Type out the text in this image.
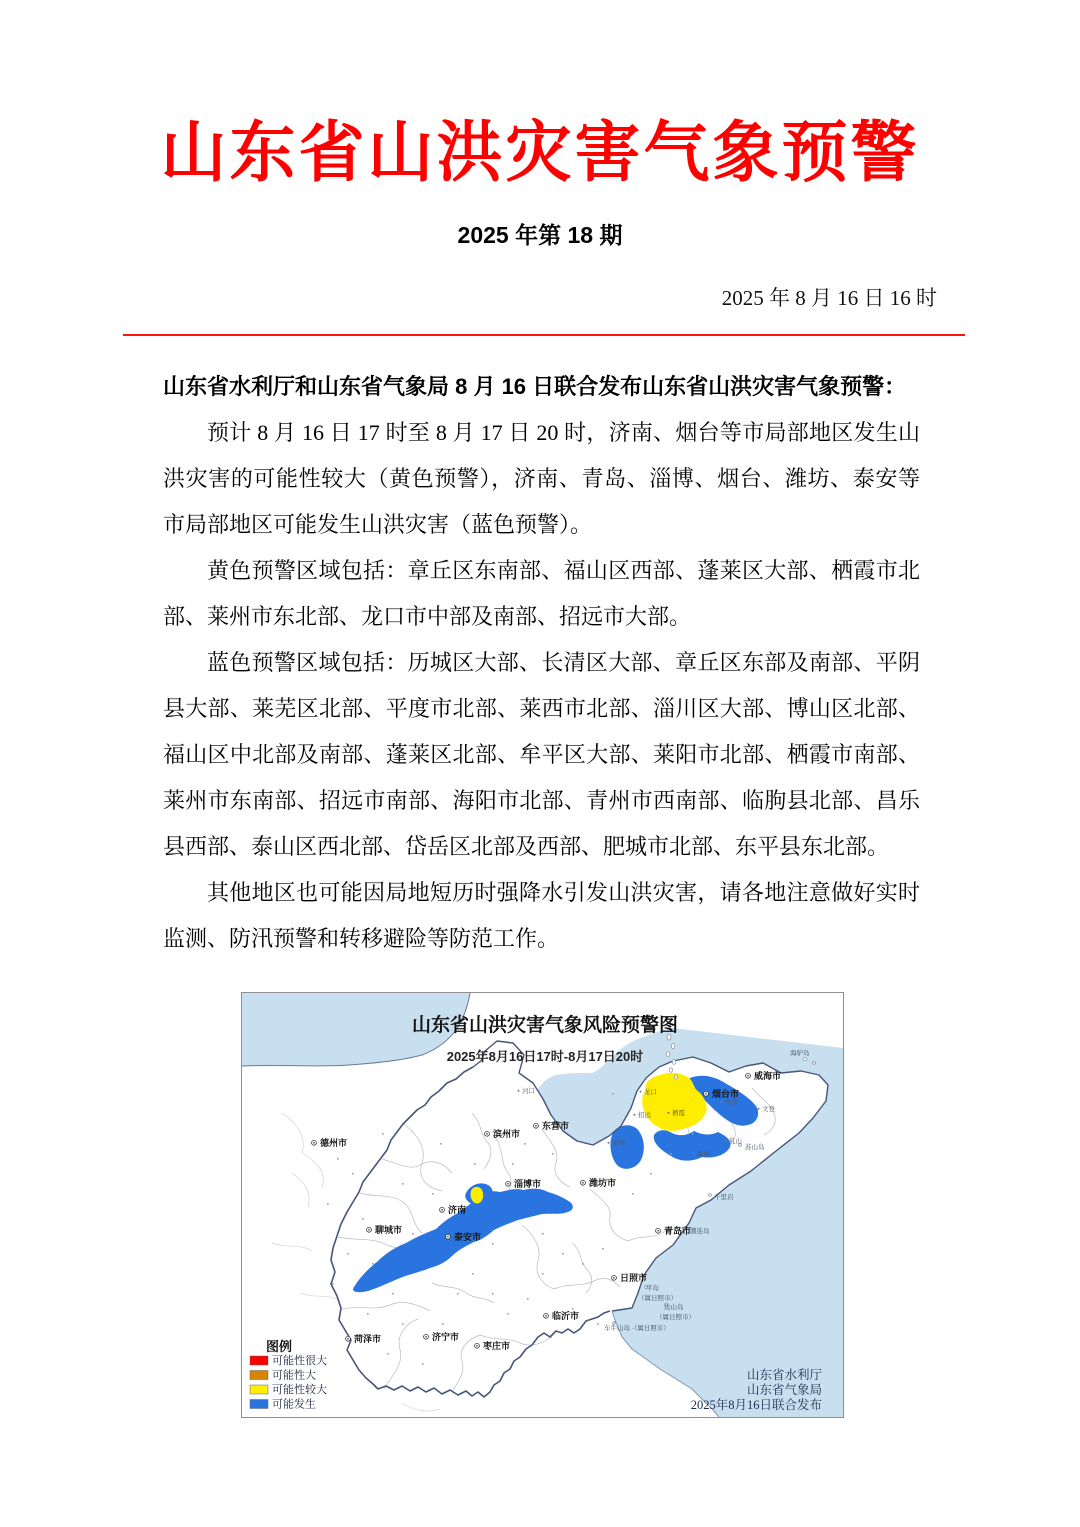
山东省山洪灾害气象预警
2025 年第 18 期
2025 年 8 月 16 日 16 时

山东省水利厅和山东省气象局 8 月 16 日联合发布山东省山洪灾害气象预警：

预计 8 月 16 日 17 时至 8 月 17 日 20 时，济南、烟台等市局部地区发生山洪灾害的可能性较大（黄色预警），济南、青岛、淄博、烟台、潍坊、泰安等市局部地区可能发生山洪灾害（蓝色预警）。

黄色预警区域包括：章丘区东南部、福山区西部、蓬莱区大部、栖霞市北部、莱州市东北部、龙口市中部及南部、招远市大部。

蓝色预警区域包括：历城区大部、长清区大部、章丘区东部及南部、平阴县大部、莱芜区北部、平度市北部、莱西市北部、淄川区大部、博山区北部、福山区中北部及南部、蓬莱区北部、牟平区大部、莱阳市北部、栖霞市南部、莱州市东南部、招远市南部、海阳市北部、青州市西南部、临朐县北部、昌乐县西部、泰山区西北部、岱岳区北部及西部、肥城市北部、东平县东北部。

其他地区也可能因局地短历时强降水引发山洪灾害，请各地注意做好实时监测、防汛预警和转移避险等防范工作。

千里岩
潮连岛
苏山岛
海驴岛
平岛
（属日照市）
达山岛
（属日照市）
车牛山岛 ·（属日照市）
河口	龙口
招远	栖霞
莱州
牟平
文登
乳山
海阳
德州市
聊城市
菏泽市	济宁市
枣庄市
临沂市
日照市
泰安市
济南
淄博市
滨州市
东营市
潍坊市
青岛市
烟台市
威海市
山东省山洪灾害气象风险预警图
2025年8月16日17时-8月17日20时
图例
可能性很大
可能性大
可能性较大
可能发生
山东省水利厅
山东省气象局
2025年8月16日联合发布
